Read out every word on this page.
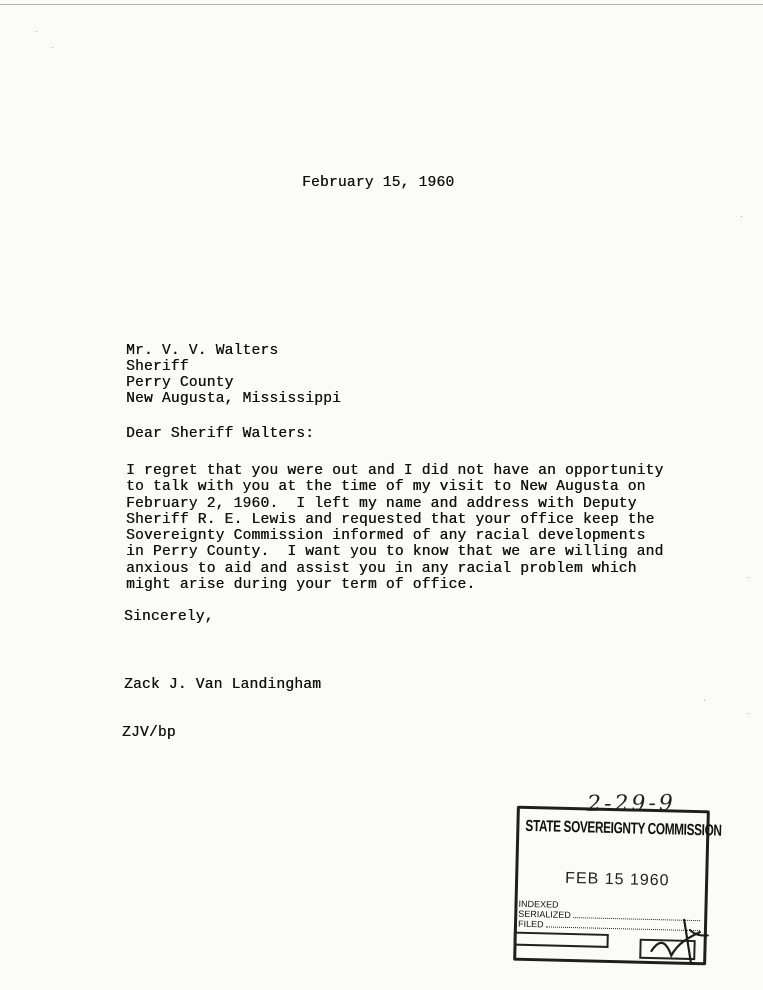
February 15, 1960
Mr. V. V. Walters
Sheriff
Perry County
New Augusta, Mississippi
Dear Sheriff Walters:
I regret that you were out and I did not have an opportunity
to talk with you at the time of my visit to New Augusta on
February 2, 1960.  I left my name and address with Deputy
Sheriff R. E. Lewis and requested that your office keep the
Sovereignty Commission informed of any racial developments
in Perry County.  I want you to know that we are willing and
anxious to aid and assist you in any racial problem which
might arise during your term of office.
Sincerely,
Zack J. Van Landingham
ZJV/bp
2-29-9
STATE SOVEREIGNTY COMMISSION
FEB 15 1960
INDEXED
SERIALIZED
FILED
